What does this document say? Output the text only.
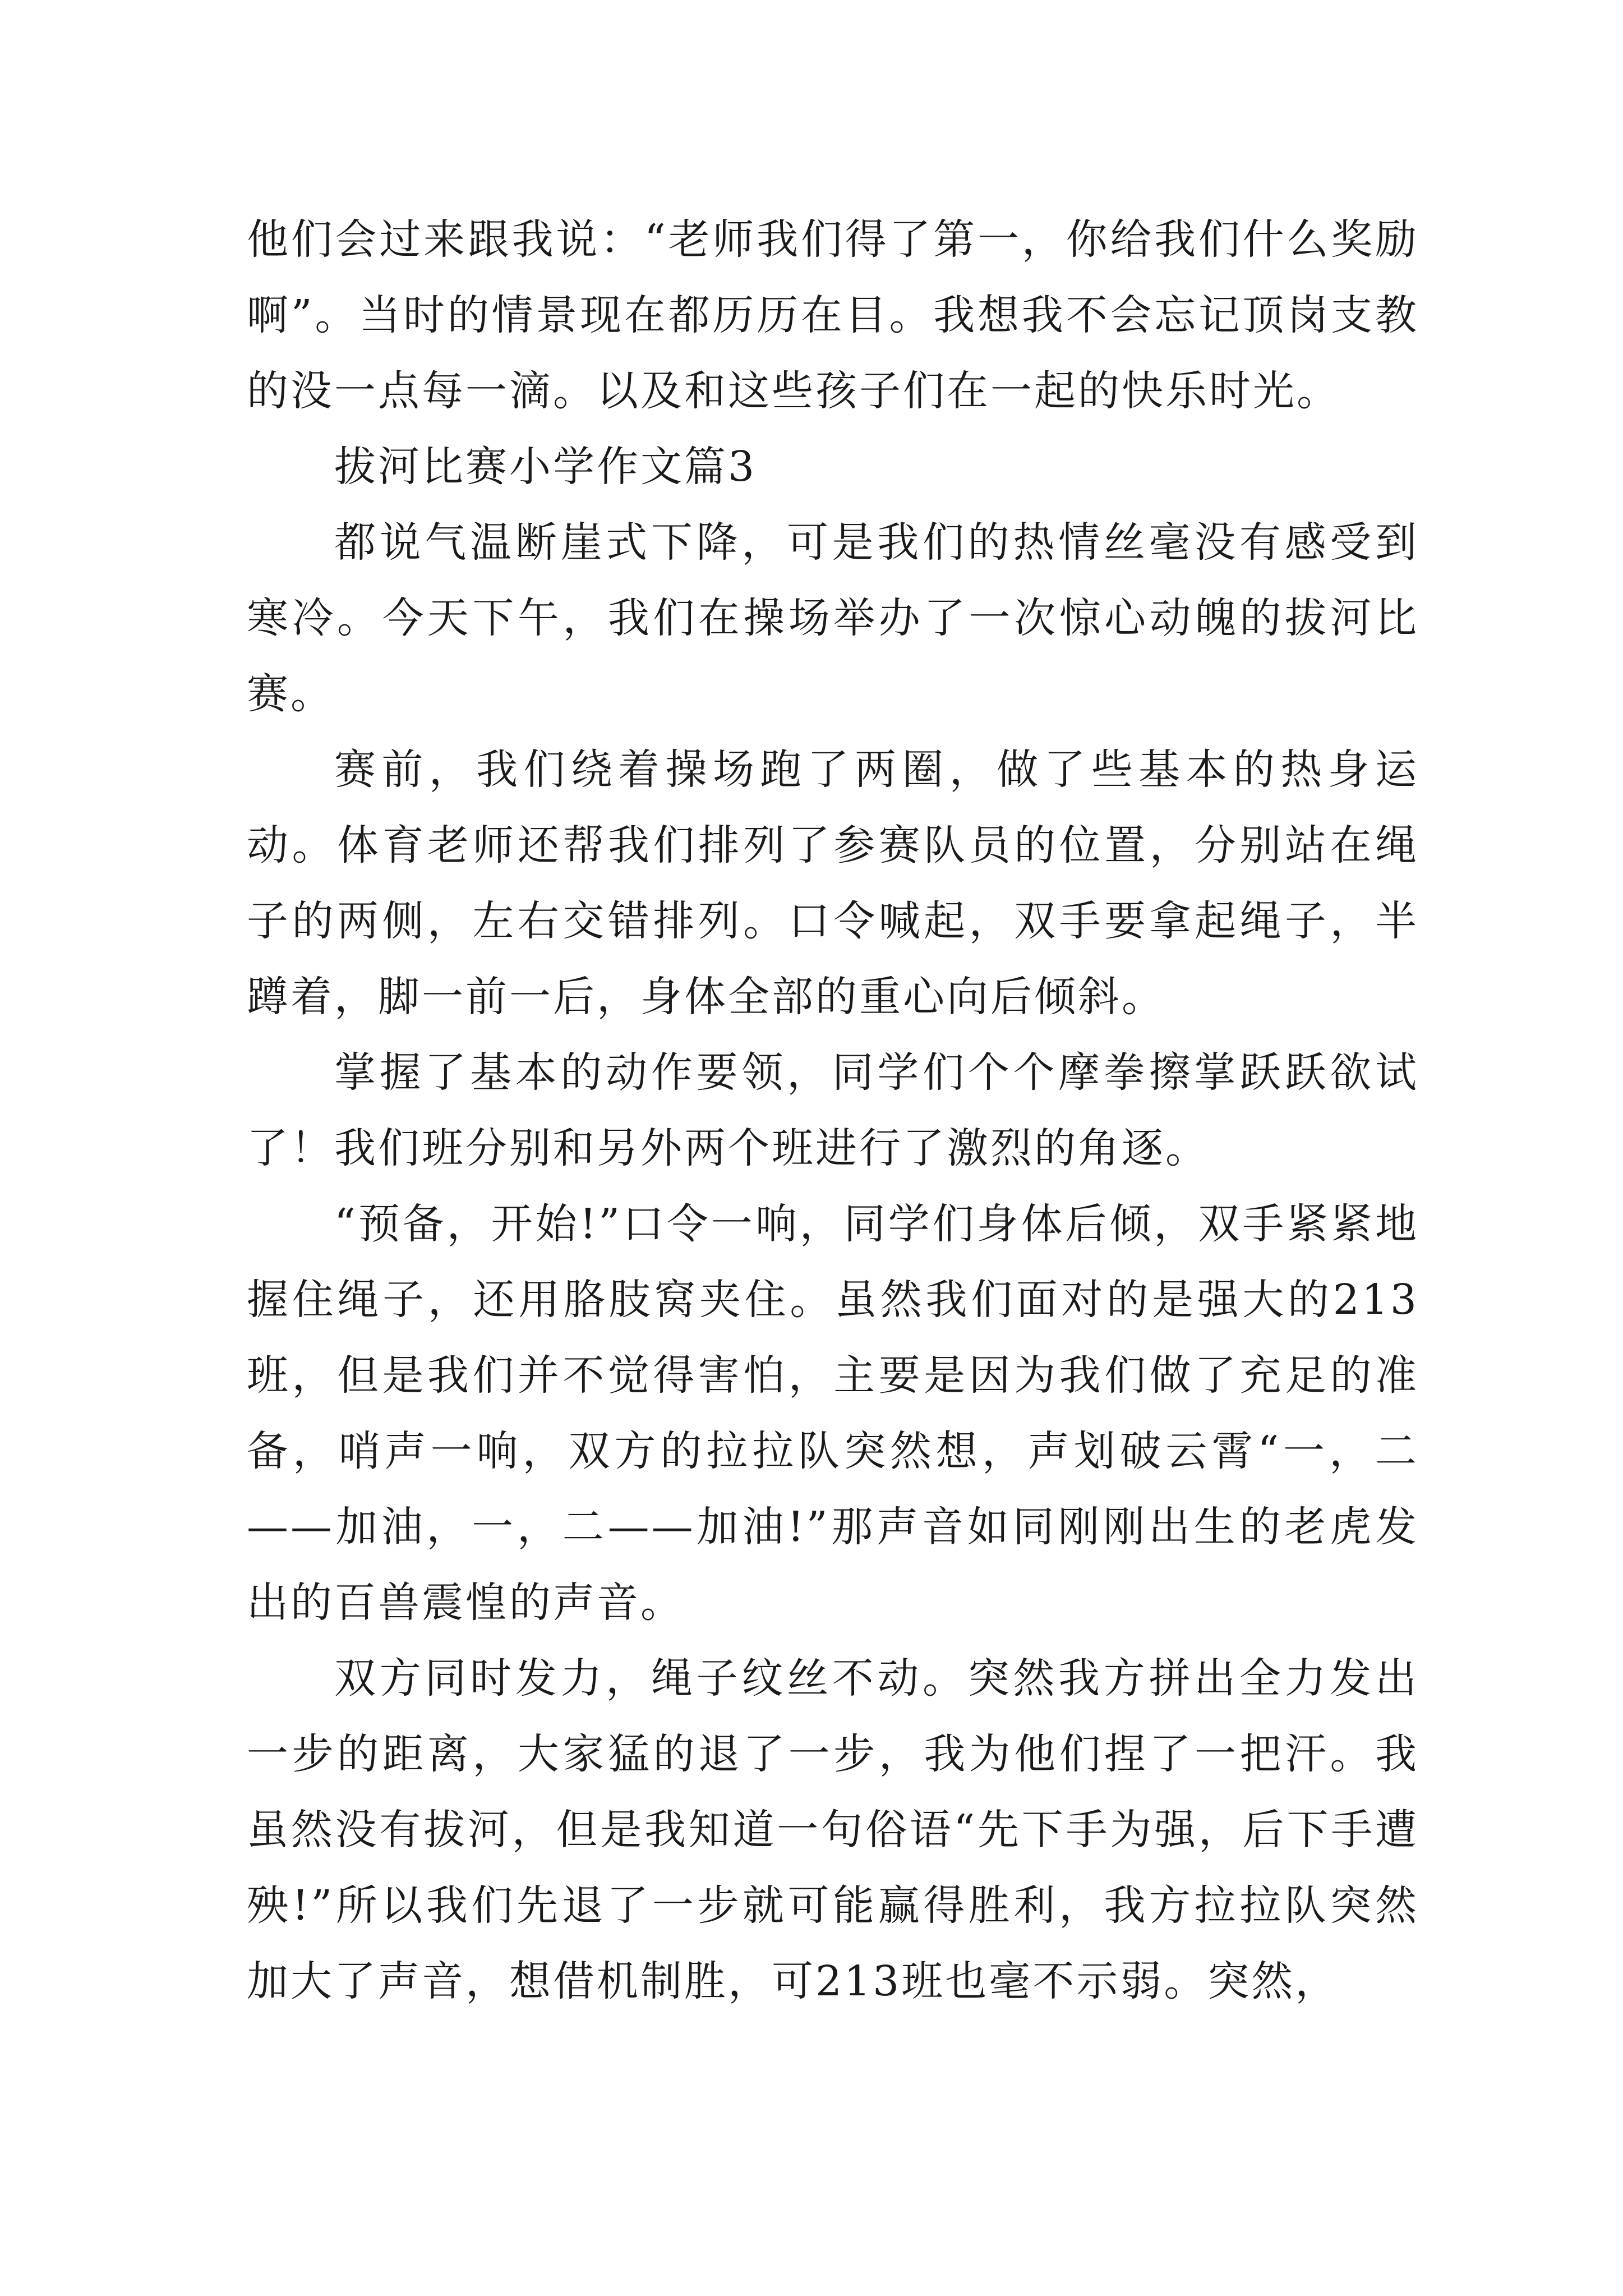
他们会过来跟我说：“老师我们得了第一，你给我们什么奖励啊”。当时的情景现在都历历在目。我想我不会忘记顶岗支教的没一点每一滴。以及和这些孩子们在一起的快乐时光。

拔河比赛小学作文篇3

都说气温断崖式下降，可是我们的热情丝毫没有感受到寒冷。今天下午，我们在操场举办了一次惊心动魄的拔河比赛。

赛前，我们绕着操场跑了两圈，做了些基本的热身运动。体育老师还帮我们排列了参赛队员的位置，分别站在绳子的两侧，左右交错排列。口令喊起，双手要拿起绳子，半蹲着，脚一前一后，身体全部的重心向后倾斜。

掌握了基本的动作要领，同学们个个摩拳擦掌跃跃欲试了！我们班分别和另外两个班进行了激烈的角逐。

“预备，开始!”口令一响，同学们身体后倾，双手紧紧地握住绳子，还用胳肢窝夹住。虽然我们面对的是强大的213班，但是我们并不觉得害怕，主要是因为我们做了充足的准备，哨声一响，双方的拉拉队突然想，声划破云霄“一，二——加油，一，二——加油!”那声音如同刚刚出生的老虎发出的百兽震惶的声音。

双方同时发力，绳子纹丝不动。突然我方拼出全力发出一步的距离，大家猛的退了一步，我为他们捏了一把汗。我虽然没有拔河，但是我知道一句俗语“先下手为强，后下手遭殃!”所以我们先退了一步就可能赢得胜利，我方拉拉队突然加大了声音，想借机制胜，可213班也毫不示弱。突然，
